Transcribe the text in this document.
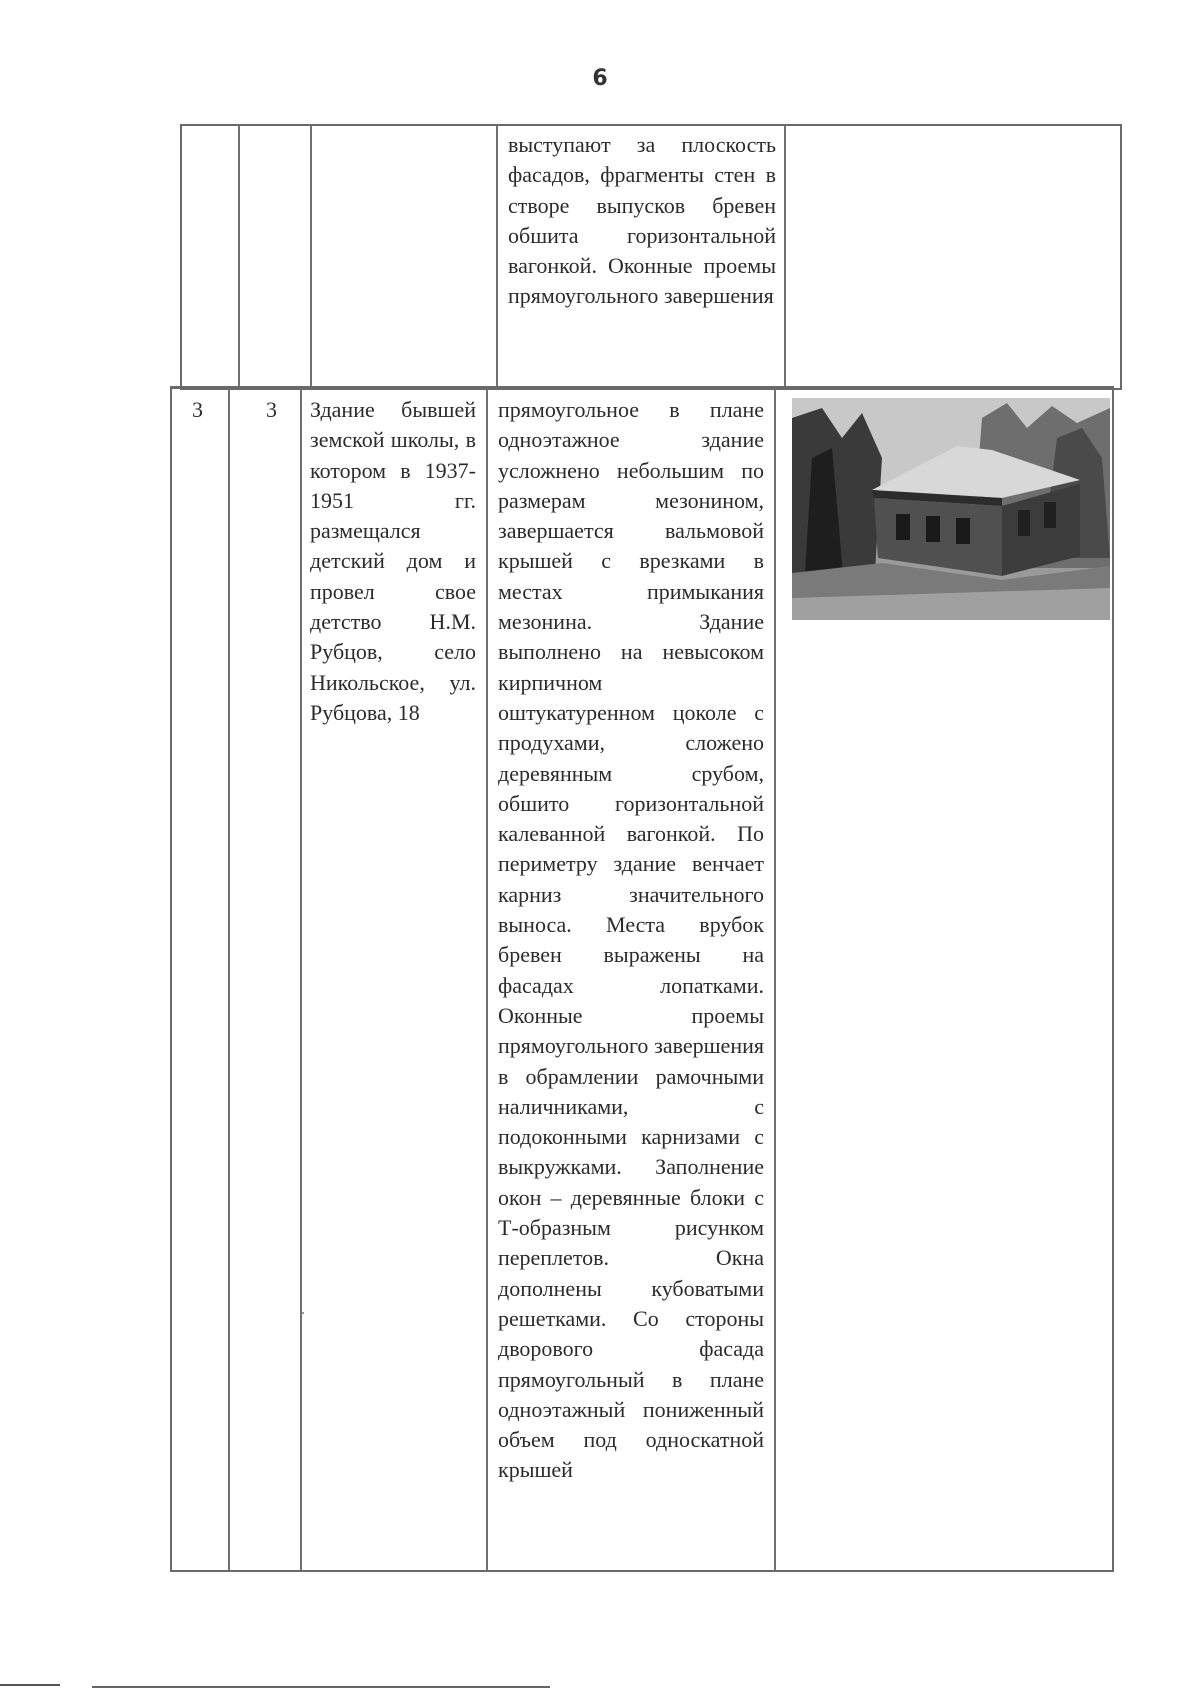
6
выступают за плоскость фасадов, фрагменты стен в створе выпусков бревен обшита горизонтальной вагонкой. Оконные проемы прямоугольного завершения
3	3 Здание бывшей земской школы, в котором в 1937-1951 гг. размещался детский дом и провел свое детство Н.М. Рубцов, село Никольское, ул. Рубцова, 18
прямоугольное в плане одноэтажное здание усложнено небольшим по размерам мезонином, завершается вальмовой крышей с врезками в местах примыкания мезонина. Здание выполнено на невысоком кирпичном оштукатуренном цоколе с продухами, сложено деревянным срубом, обшито горизонтальной калеванной вагонкой. По периметру здание венчает карниз значительного выноса. Места врубок бревен выражены на фасадах лопатками. Оконные проемы прямоугольного завершения в обрамлении рамочными наличниками, с подоконными карнизами с выкружками. Заполнение окон – деревянные блоки с Т-образным рисунком переплетов. Окна дополнены кубоватыми решетками. Со стороны дворового фасада прямоугольный в плане одноэтажный пониженный объем под односкатной крышей
